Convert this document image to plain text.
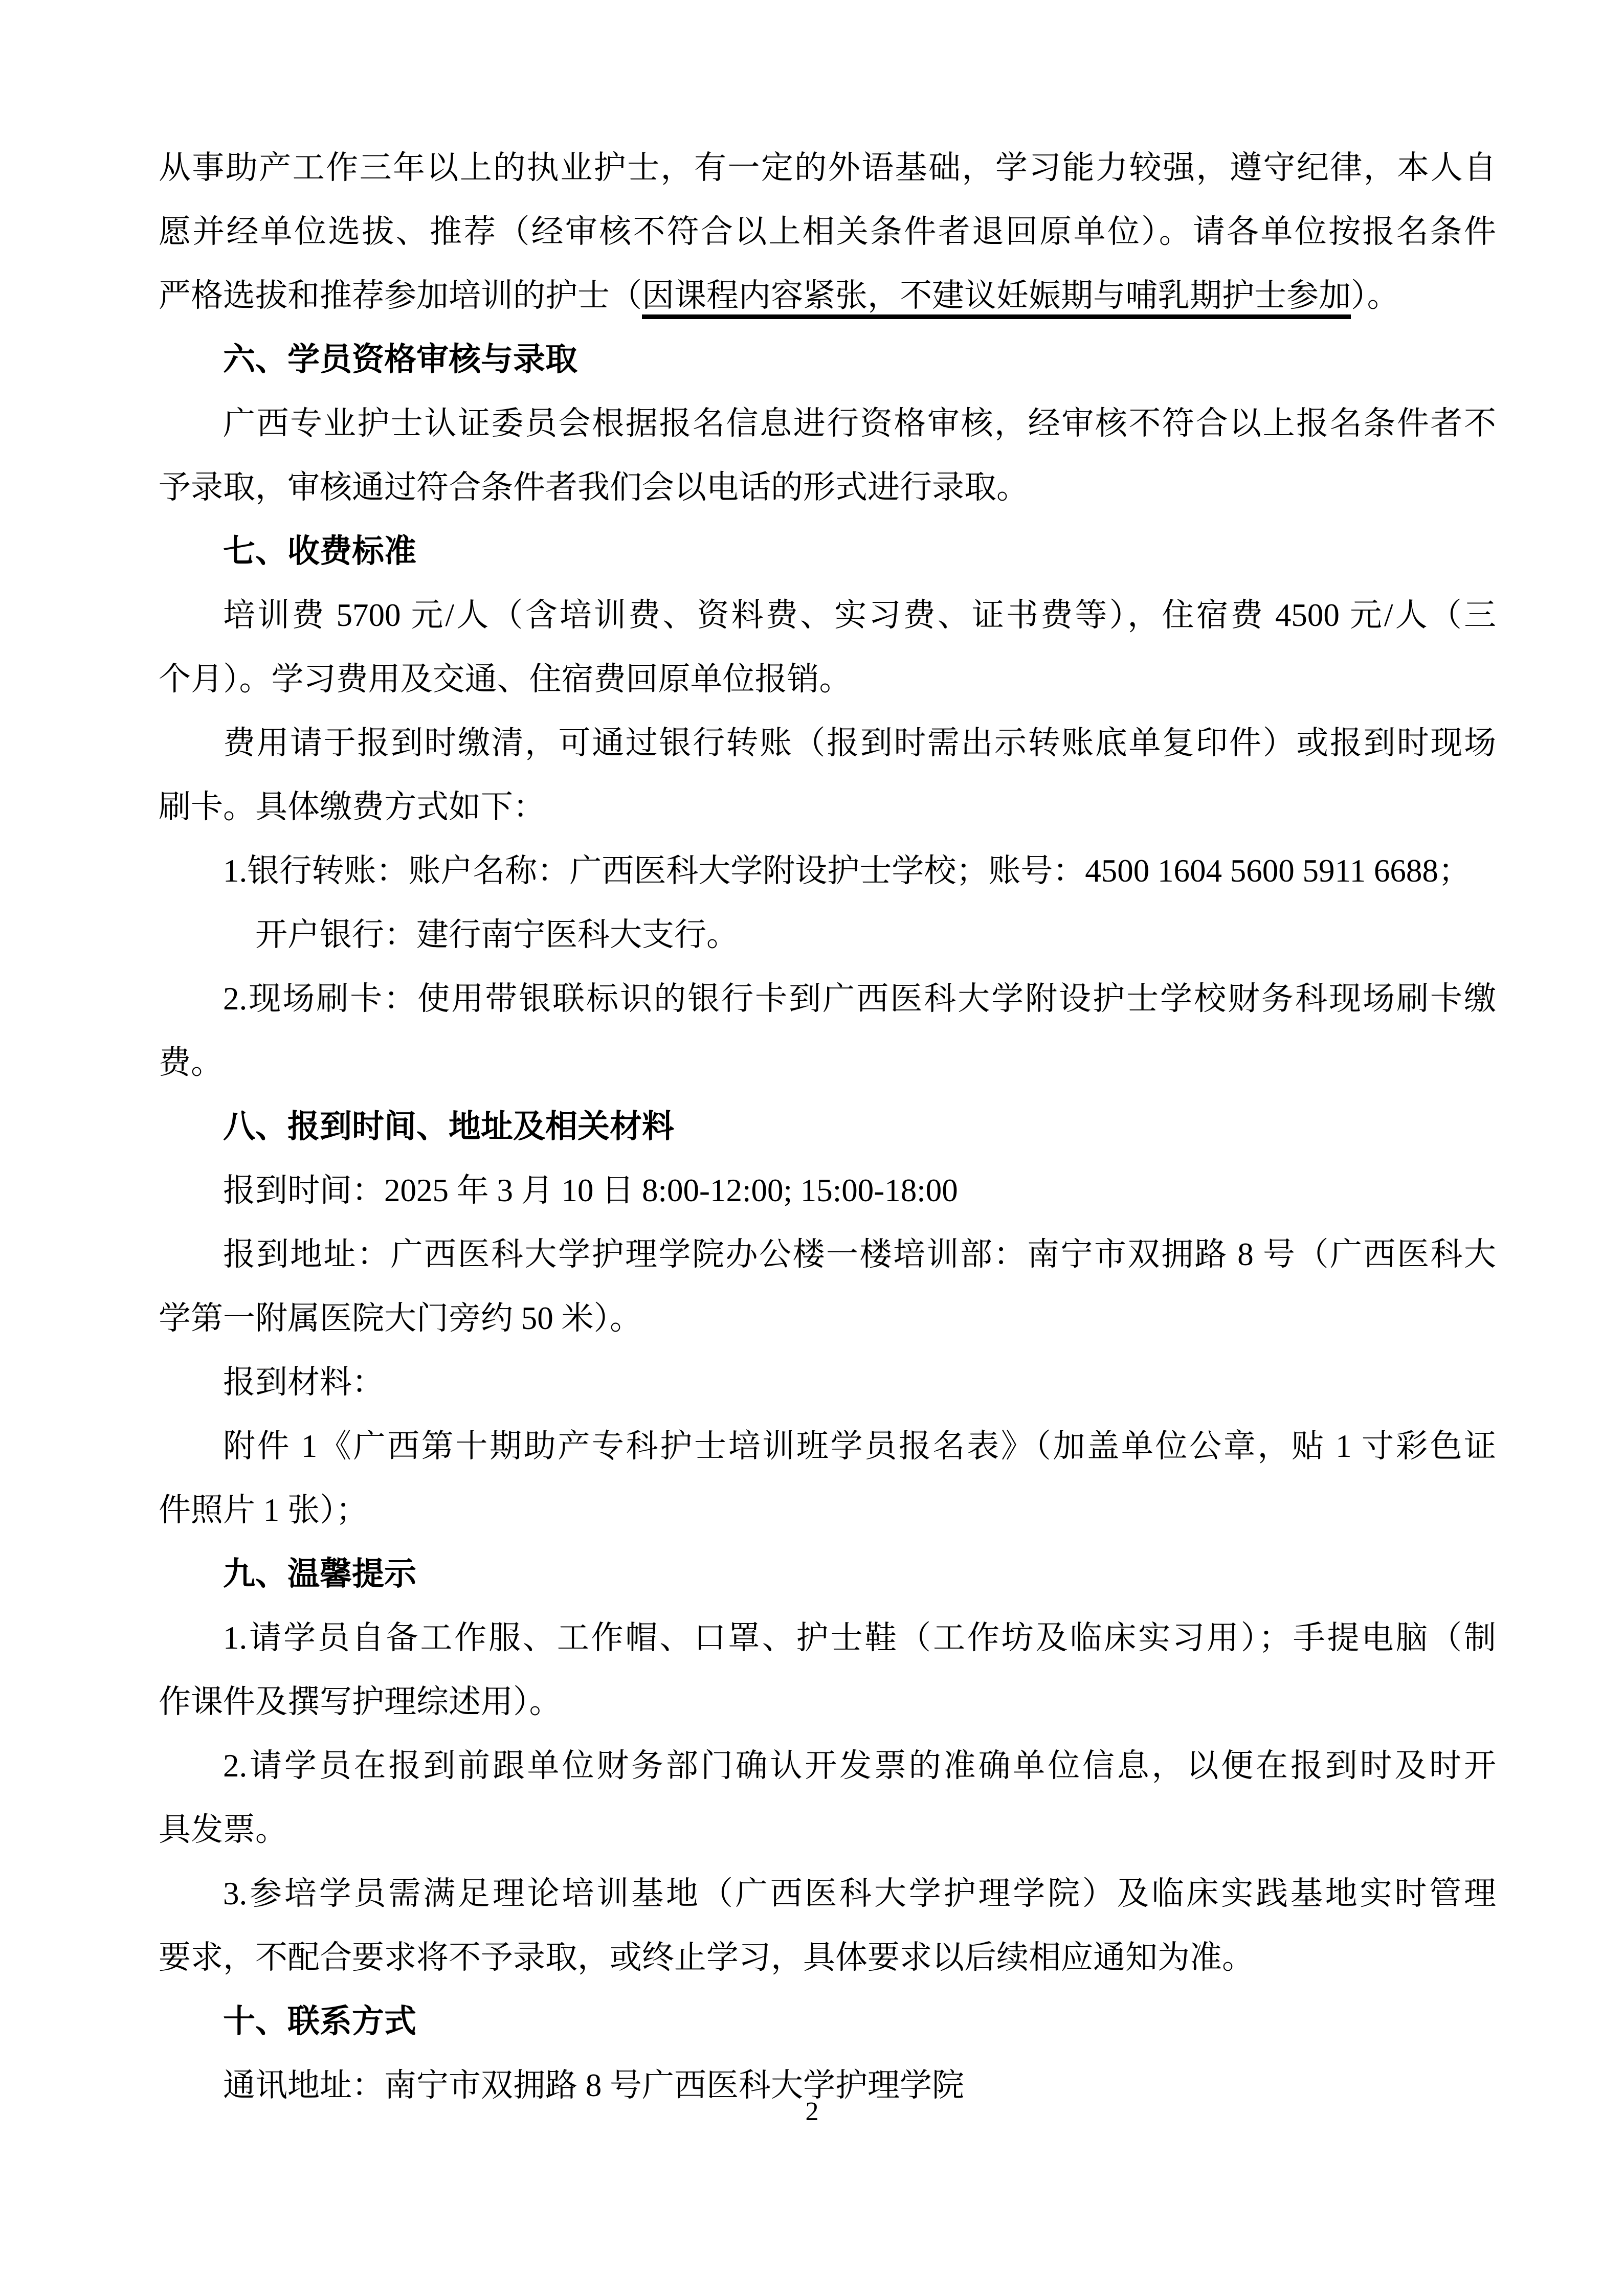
从事助产工作三年以上的执业护士，有一定的外语基础，学习能力较强，遵守纪律，本人自
愿并经单位选拔、推荐（经审核不符合以上相关条件者退回原单位）。请各单位按报名条件
严格选拔和推荐参加培训的护士（因课程内容紧张，不建议妊娠期与哺乳期护士参加）。
六、学员资格审核与录取
广西专业护士认证委员会根据报名信息进行资格审核，经审核不符合以上报名条件者不
予录取，审核通过符合条件者我们会以电话的形式进行录取。
七、收费标准
培训费 5700 元/人（含培训费、资料费、实习费、证书费等），住宿费 4500 元/人（三
个月）。学习费用及交通、住宿费回原单位报销。
费用请于报到时缴清，可通过银行转账（报到时需出示转账底单复印件）或报到时现场
刷卡。具体缴费方式如下：
1.银行转账：账户名称：广西医科大学附设护士学校；账号：4500 1604 5600 5911 6688；
开户银行：建行南宁医科大支行。
2.现场刷卡：使用带银联标识的银行卡到广西医科大学附设护士学校财务科现场刷卡缴
费。
八、报到时间、地址及相关材料
报到时间：2025 年 3 月 10 日 8:00-12:00; 15:00-18:00
报到地址：广西医科大学护理学院办公楼一楼培训部：南宁市双拥路 8 号（广西医科大
学第一附属医院大门旁约 50 米）。
报到材料：
附件 1《广西第十期助产专科护士培训班学员报名表》（加盖单位公章，贴 1 寸彩色证
件照片 1 张）；
九、温馨提示
1.请学员自备工作服、工作帽、口罩、护士鞋（工作坊及临床实习用）；手提电脑（制
作课件及撰写护理综述用）。
2.请学员在报到前跟单位财务部门确认开发票的准确单位信息，以便在报到时及时开
具发票。
3.参培学员需满足理论培训基地（广西医科大学护理学院）及临床实践基地实时管理
要求，不配合要求将不予录取，或终止学习，具体要求以后续相应通知为准。
十、联系方式
通讯地址：南宁市双拥路 8 号广西医科大学护理学院
2
